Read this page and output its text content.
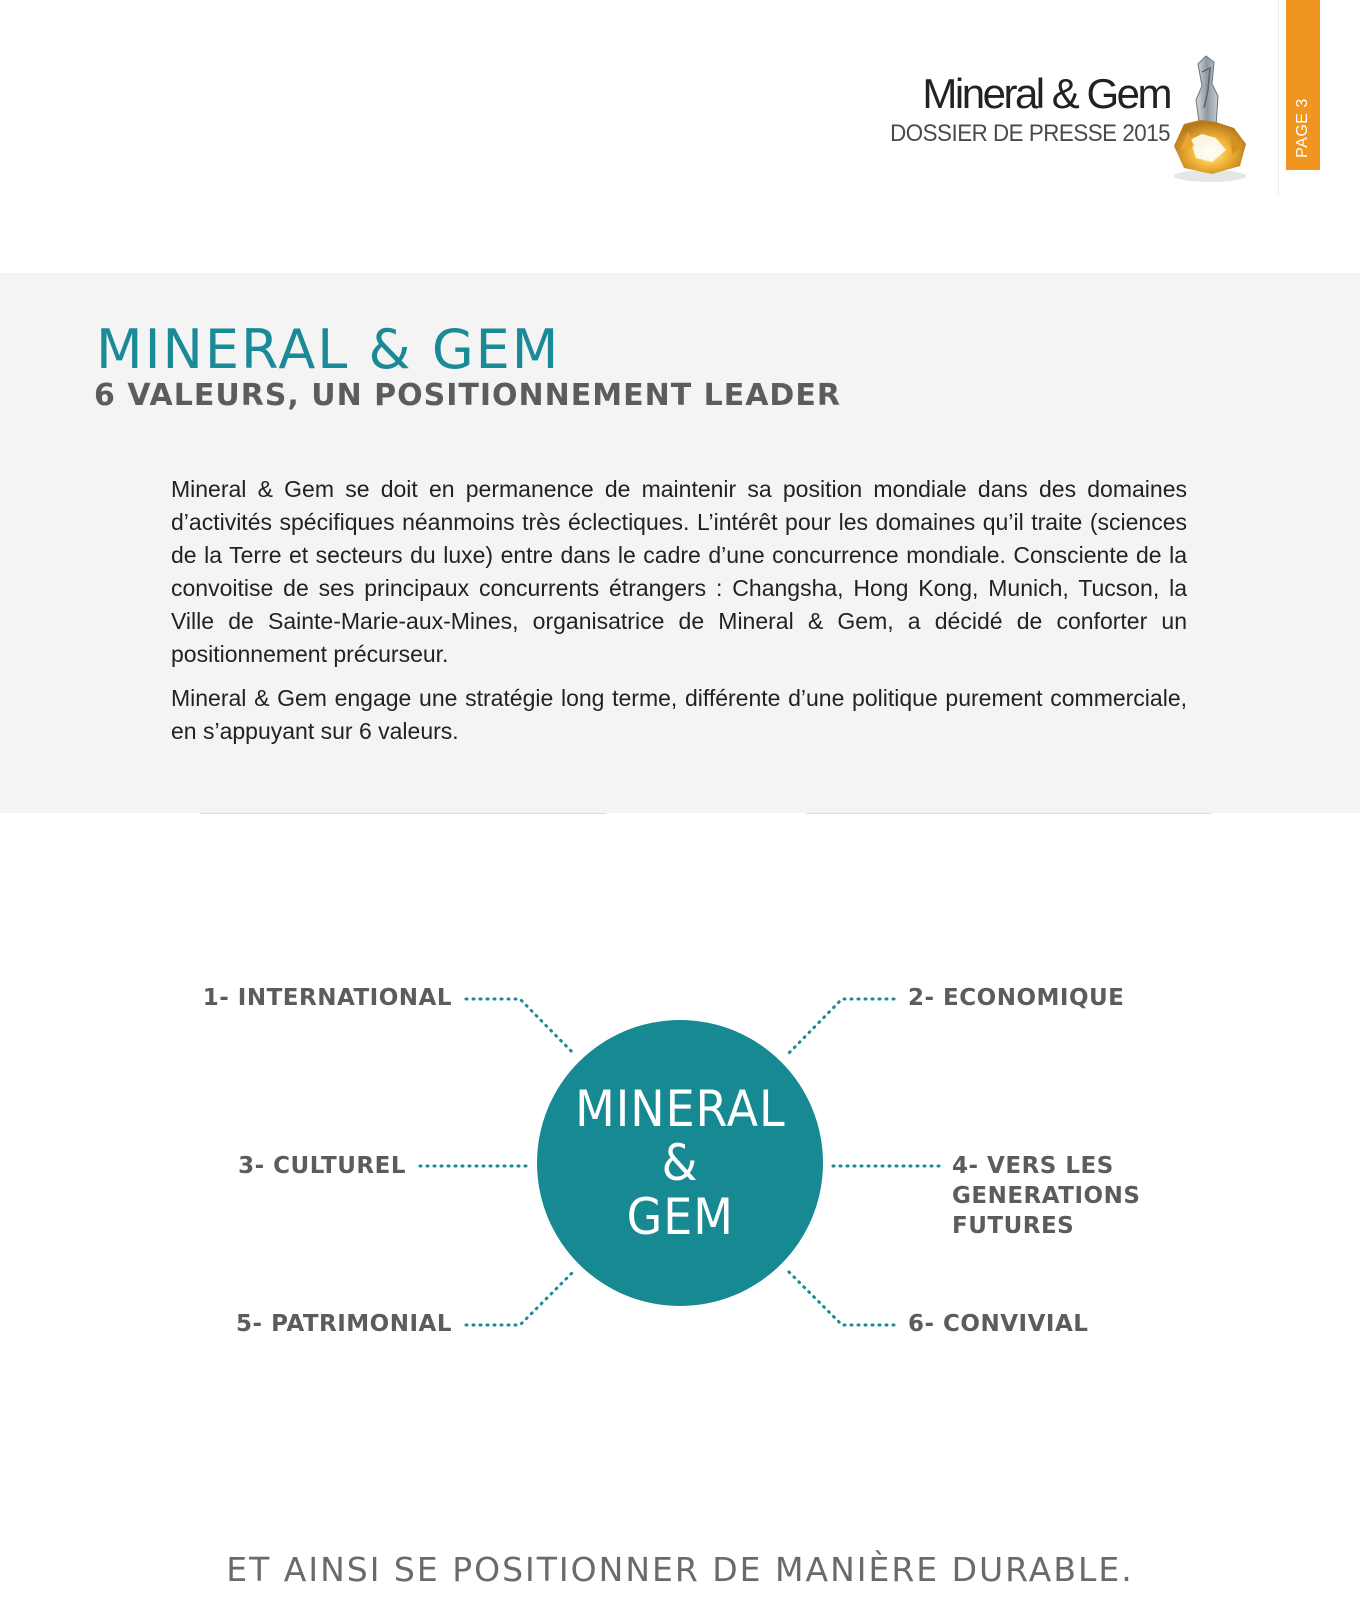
Mineral & Gem
DOSSIER DE PRESSE 2015	PAGE 3
MINERAL & GEM
6 VALEURS, UN POSITIONNEMENT LEADER

Mineral & Gem se doit en permanence de maintenir sa position mondiale dans des domaines d’activités spécifiques néanmoins très éclectiques. L’intérêt pour les domaines qu’il traite (sciences de la Terre et secteurs du luxe) entre dans le cadre d’une concurrence mondiale. Consciente de la convoitise de ses principaux concurrents étrangers : Changsha, Hong Kong, Munich, Tucson, la Ville de Sainte-Marie-aux-Mines, organisatrice de Mineral & Gem, a décidé de conforter un positionnement précurseur.

Mineral & Gem engage une stratégie long terme, différente d’une politique purement commerciale, en s’appuyant sur 6 valeurs.

MINERAL
&
GEM
1- INTERNATIONAL	2- ECONOMIQUE
3- CULTUREL	4- VERS LES GENERATIONS FUTURES
5- PATRIMONIAL	6- CONVIVIAL
ET AINSI SE POSITIONNER DE MANIÈRE DURABLE.
